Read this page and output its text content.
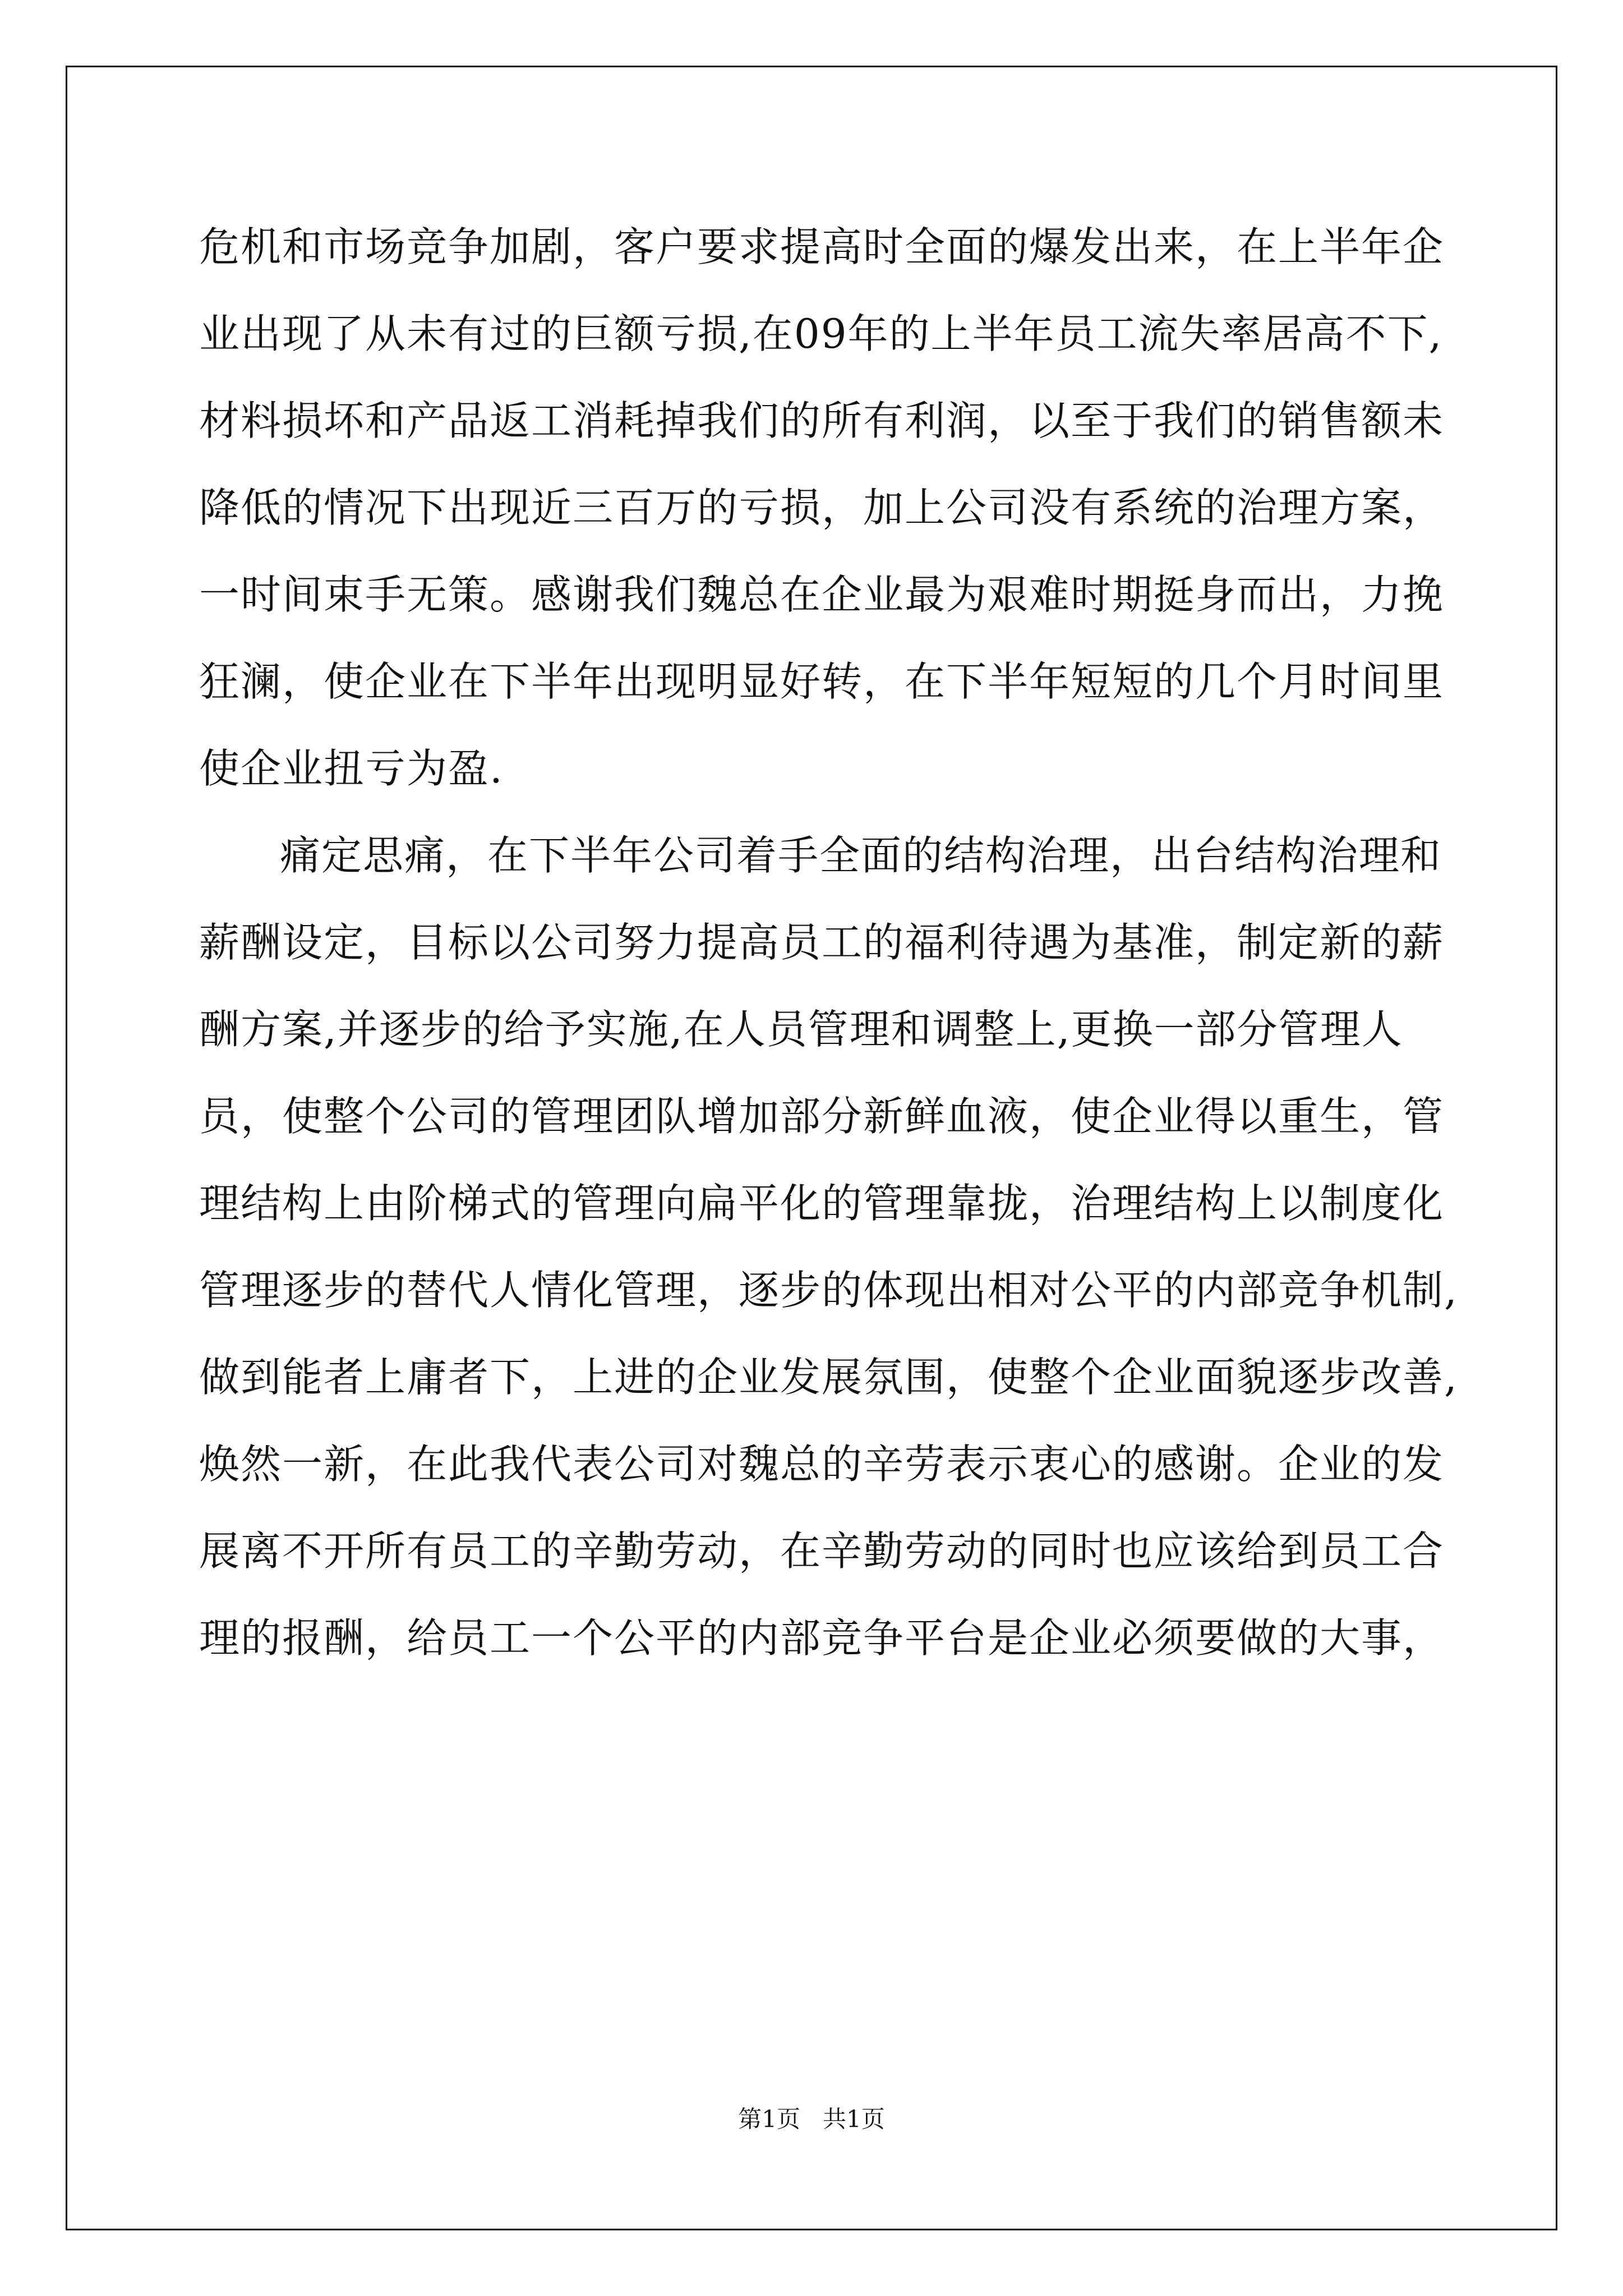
危机和市场竞争加剧，客户要求提高时全面的爆发出来，在上半年企
业出现了从未有过的巨额亏损,在09年的上半年员工流失率居高不下,
材料损坏和产品返工消耗掉我们的所有利润，以至于我们的销售额未
降低的情况下出现近三百万的亏损，加上公司没有系统的治理方案，
一时间束手无策。感谢我们魏总在企业最为艰难时期挺身而出，力挽
狂澜，使企业在下半年出现明显好转，在下半年短短的几个月时间里
使企业扭亏为盈.
痛定思痛，在下半年公司着手全面的结构治理，出台结构治理和
薪酬设定，目标以公司努力提高员工的福利待遇为基准，制定新的薪
酬方案,并逐步的给予实施,在人员管理和调整上,更换一部分管理人
员，使整个公司的管理团队增加部分新鲜血液，使企业得以重生，管
理结构上由阶梯式的管理向扁平化的管理靠拢，治理结构上以制度化
管理逐步的替代人情化管理，逐步的体现出相对公平的内部竞争机制,
做到能者上庸者下，上进的企业发展氛围，使整个企业面貌逐步改善,
焕然一新，在此我代表公司对魏总的辛劳表示衷心的感谢。企业的发
展离不开所有员工的辛勤劳动，在辛勤劳动的同时也应该给到员工合
理的报酬，给员工一个公平的内部竞争平台是企业必须要做的大事，
第1页   共1页
